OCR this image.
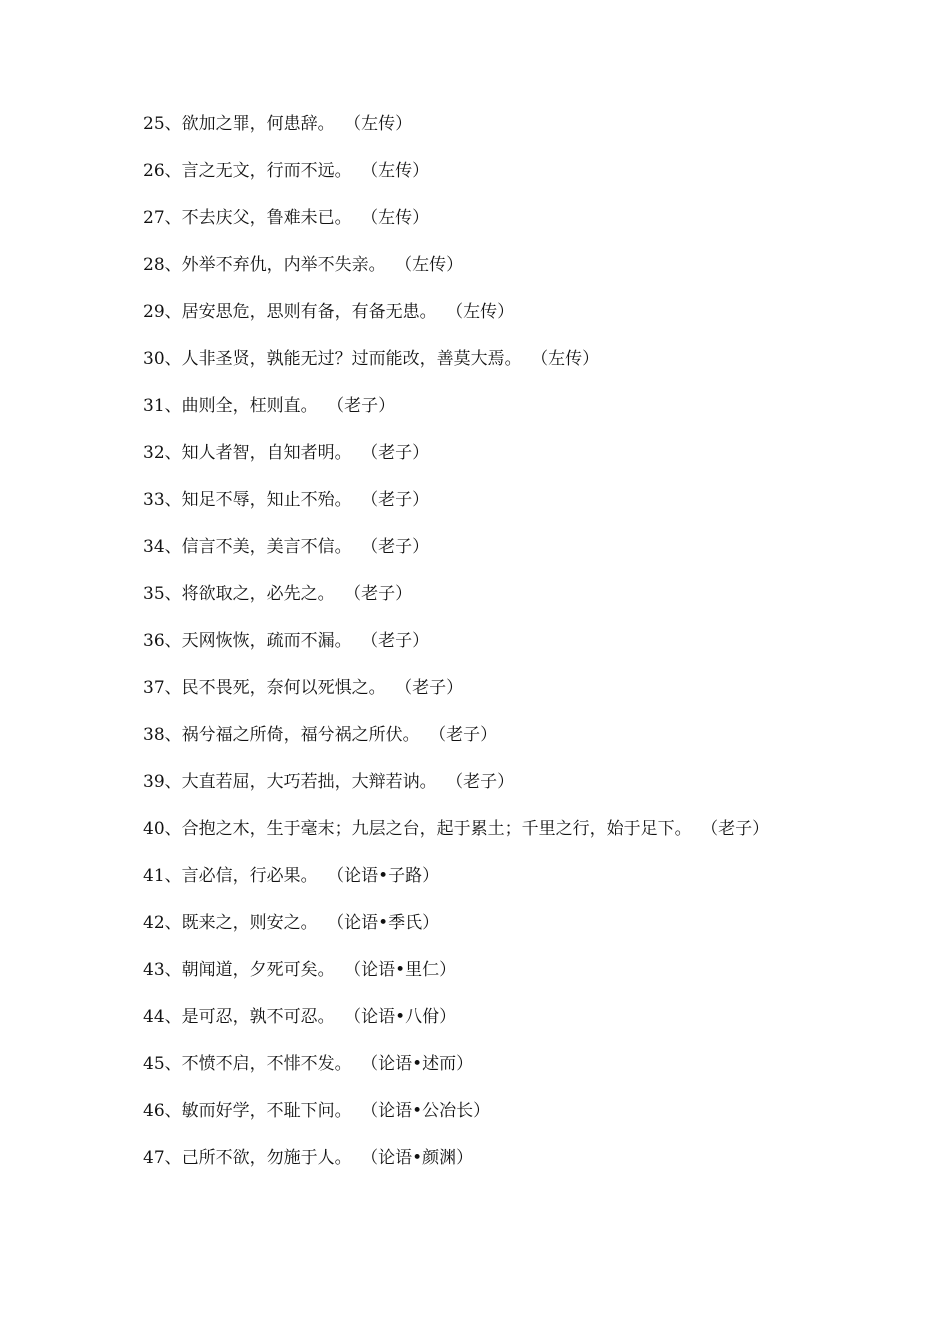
25、欲加之罪，何患辞。 （左传）

26、言之无文，行而不远。 （左传）

27、不去庆父，鲁难未已。 （左传）

28、外举不弃仇，内举不失亲。 （左传）

29、居安思危，思则有备，有备无患。 （左传）

30、人非圣贤，孰能无过？过而能改，善莫大焉。 （左传）

31、曲则全，枉则直。 （老子）

32、知人者智，自知者明。 （老子）

33、知足不辱，知止不殆。 （老子）

34、信言不美，美言不信。 （老子）

35、将欲取之，必先之。 （老子）

36、天网恢恢，疏而不漏。 （老子）

37、民不畏死，奈何以死惧之。 （老子）

38、祸兮福之所倚，福兮祸之所伏。 （老子）

39、大直若屈，大巧若拙，大辩若讷。 （老子）

40、合抱之木，生于毫末；九层之台，起于累土；千里之行，始于足下。 （老子）

41、言必信，行必果。 （论语•子路）

42、既来之，则安之。 （论语•季氏）

43、朝闻道，夕死可矣。 （论语•里仁）

44、是可忍，孰不可忍。 （论语•八佾）

45、不愤不启，不悱不发。 （论语•述而）

46、敏而好学，不耻下问。 （论语•公冶长）

47、己所不欲，勿施于人。 （论语•颜渊）
